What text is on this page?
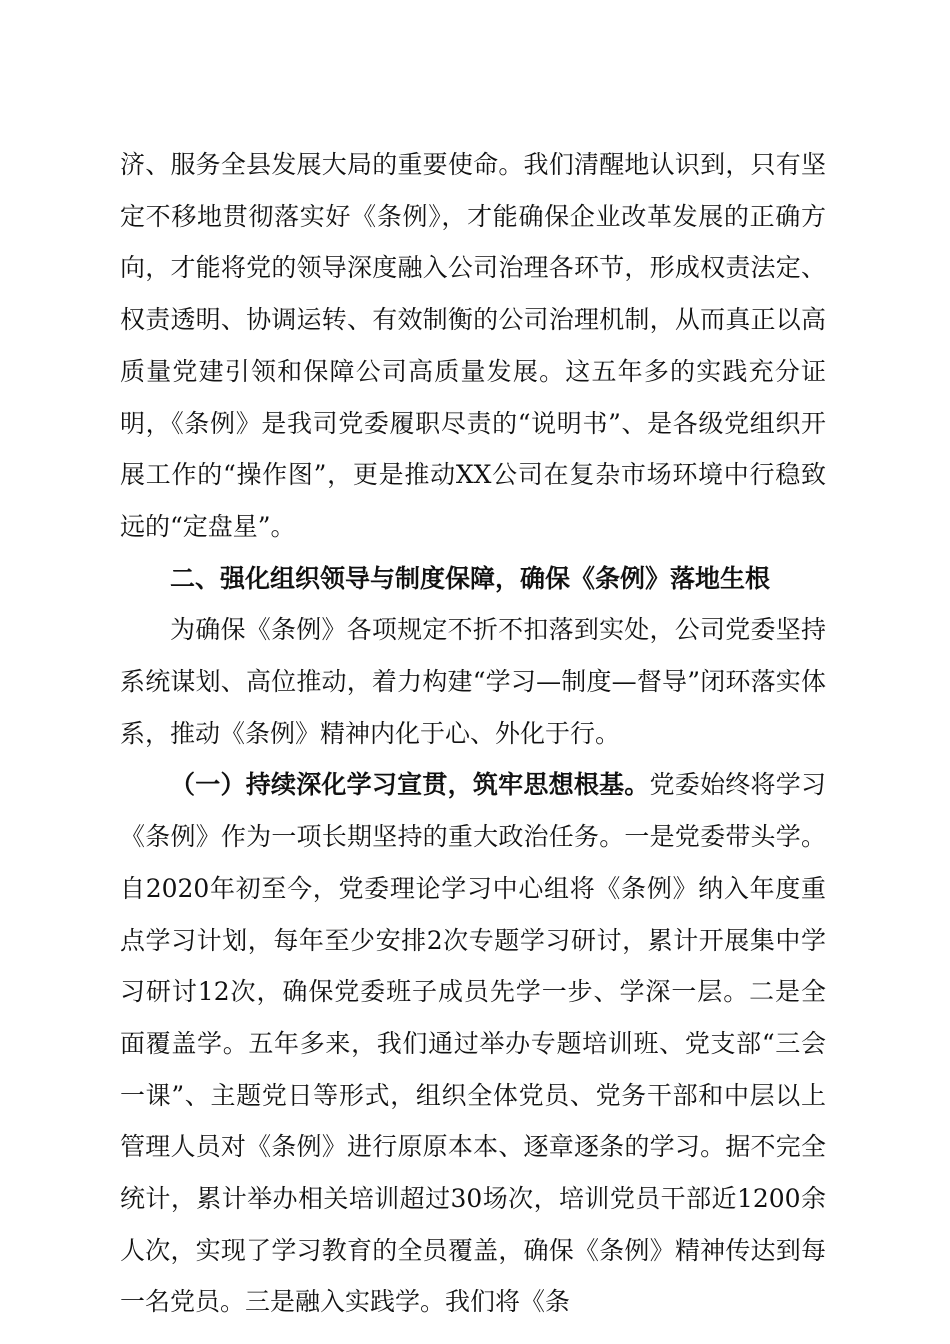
济、服务全县发展大局的重要使命。我们清醒地认识到，只有坚定不移地贯彻落实好《条例》，才能确保企业改革发展的正确方向，才能将党的领导深度融入公司治理各环节，形成权责法定、权责透明、协调运转、有效制衡的公司治理机制，从而真正以高质量党建引领和保障公司高质量发展。这五年多的实践充分证明，《条例》是我司党委履职尽责的“说明书”、是各级党组织开展工作的“操作图”，更是推动XX公司在复杂市场环境中行稳致远的“定盘星”。

二、强化组织领导与制度保障，确保《条例》落地生根

为确保《条例》各项规定不折不扣落到实处，公司党委坚持系统谋划、高位推动，着力构建“学习—制度—督导”闭环落实体系，推动《条例》精神内化于心、外化于行。

（一）持续深化学习宣贯，筑牢思想根基。党委始终将学习《条例》作为一项长期坚持的重大政治任务。一是党委带头学。自2020年初至今，党委理论学习中心组将《条例》纳入年度重点学习计划，每年至少安排2次专题学习研讨，累计开展集中学习研讨12次，确保党委班子成员先学一步、学深一层。二是全面覆盖学。五年多来，我们通过举办专题培训班、党支部“三会一课”、主题党日等形式，组织全体党员、党务干部和中层以上管理人员对《条例》进行原原本本、逐章逐条的学习。据不完全统计，累计举办相关培训超过30场次，培训党员干部近1200余人次，实现了学习教育的全员覆盖，确保《条例》精神传达到每一名党员。三是融入实践学。我们将《条
